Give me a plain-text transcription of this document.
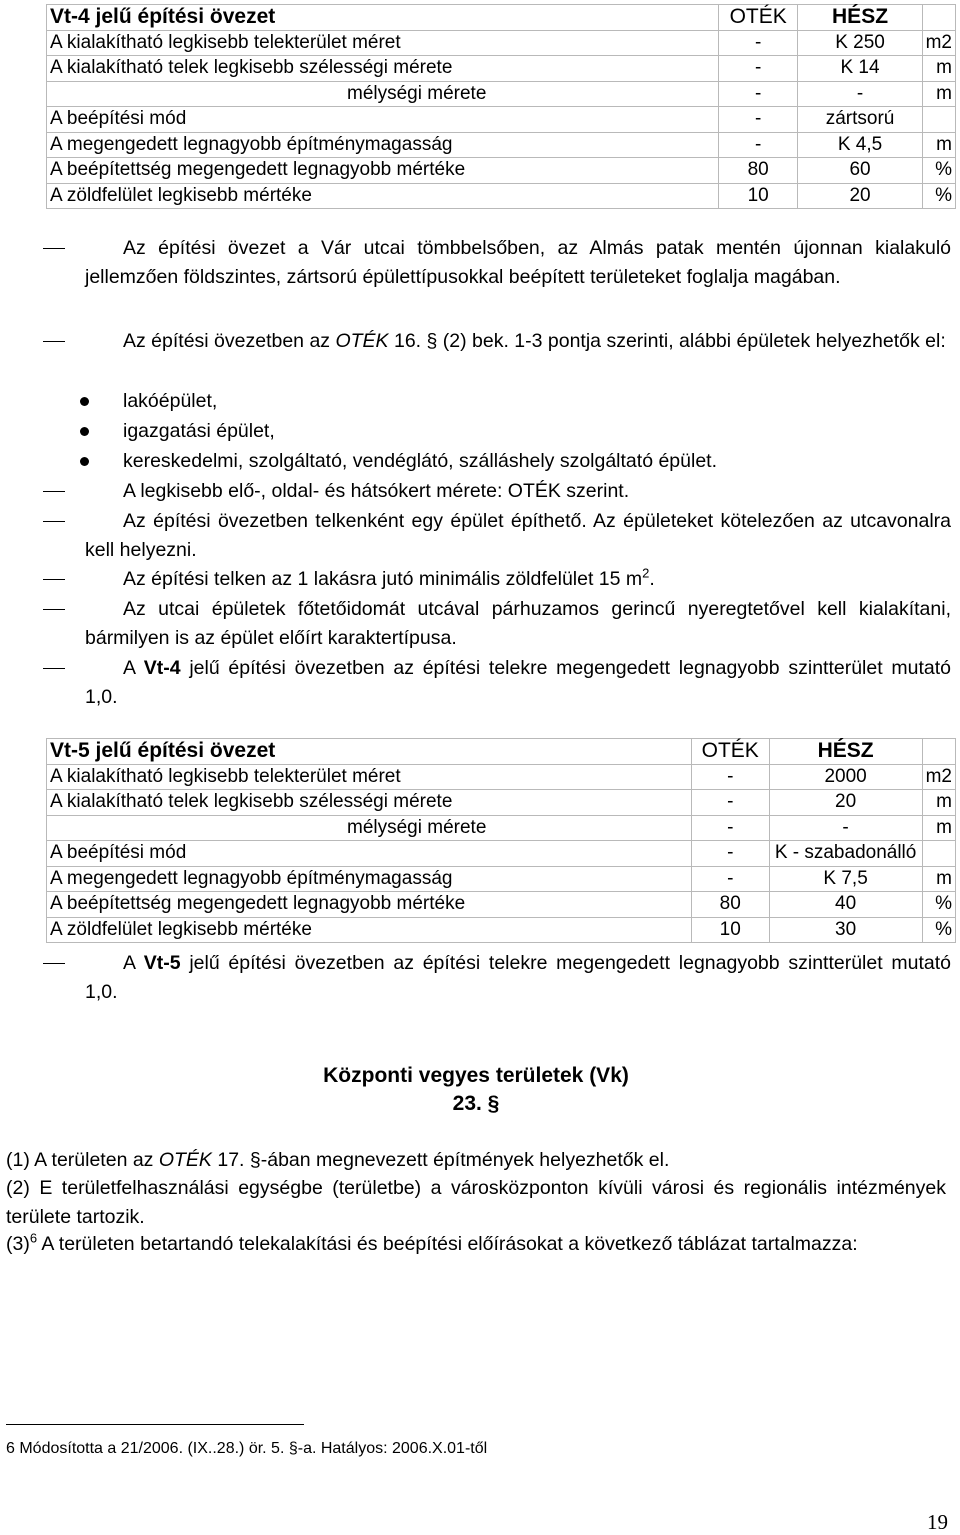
Vt-4 jelű építési övezet	OTÉK	HÉSZ	
A kialakítható legkisebb telekterület méret	-	K 250	m2
A kialakítható telek legkisebb szélességi mérete	-	K 14	m
mélységi mérete	-	-	m
A beépítési mód	-	zártsorú	
A megengedett legnagyobb építménymagasság	-	K 4,5	m
A beépítettség megengedett legnagyobb mértéke	80	60	%
A zöldfelület legkisebb mértéke	10	20	%
Az építési övezet a Vár utcai tömbbelsőben, az Almás patak mentén újonnan kialakuló jellemzően földszintes, zártsorú épülettípusokkal beépített területeket foglalja magában.
Az építési övezetben az OTÉK 16. § (2) bek. 1-3 pontja szerinti, alábbi épületek helyezhetők el:
lakóépület,
igazgatási épület,
kereskedelmi, szolgáltató, vendéglátó, szálláshely szolgáltató épület.
A legkisebb elő-, oldal- és hátsókert mérete: OTÉK szerint.
Az építési övezetben telkenként egy épület építhető. Az épületeket kötelezően az utcavonalra kell helyezni.
Az építési telken az 1 lakásra jutó minimális zöldfelület 15 $m^2$.
Az utcai épületek főtetőidomát utcával párhuzamos gerincű nyeregtetővel kell kialakítani, bármilyen is az épület előírt karaktertípusa.
A Vt-4 jelű építési övezetben az építési telekre megengedett legnagyobb szintterület mutató 1,0.
Vt-5 jelű építési övezet	OTÉK	HÉSZ	
A kialakítható legkisebb telekterület méret	-	2000	m2
A kialakítható telek legkisebb szélességi mérete	-	20	m
mélységi mérete	-	-	m
A beépítési mód	-	K - szabadonálló	
A megengedett legnagyobb építménymagasság	-	K 7,5	m
A beépítettség megengedett legnagyobb mértéke	80	40	%
A zöldfelület legkisebb mértéke	10	30	%
A Vt-5 jelű építési övezetben az építési telekre megengedett legnagyobb szintterület mutató 1,0.
Központi vegyes területek (Vk)
23. §
(1) A területen az OTÉK 17. §-ában megnevezett építmények helyezhetők el.
(2) E területfelhasználási egységbe (területbe) a városközponton kívüli városi és regionális intézmények területe tartozik.
$(3)^6$ A területen betartandó telekalakítási és beépítési előírásokat a következő táblázat tartalmazza:
6 Módosította a 21/2006. (IX..28.) ör. 5. §-a. Hatályos: 2006.X.01-től
19
